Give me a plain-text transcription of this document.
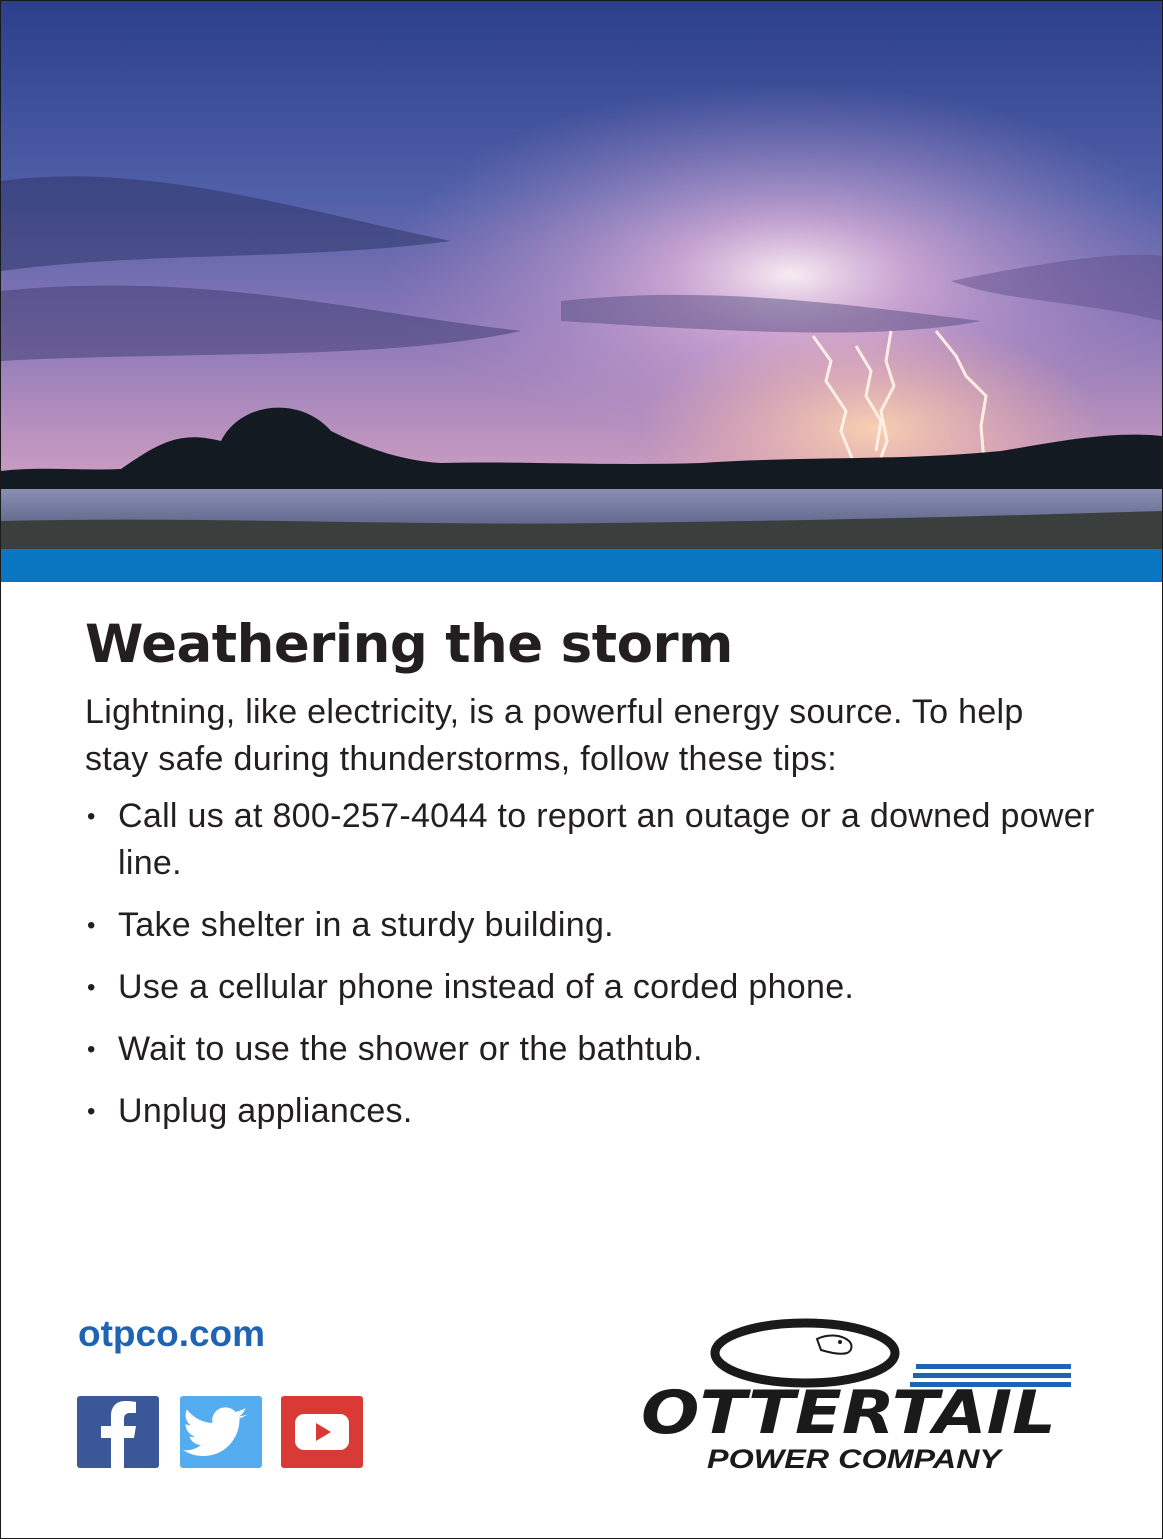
Weathering the storm

Lightning, like electricity, is a powerful energy source. To help stay safe during thunderstorms, follow these tips:

• Call us at 800-257-4044 to report an outage or a downed power line.
• Take shelter in a sturdy building.
• Use a cellular phone instead of a corded phone.
• Wait to use the shower or the bathtub.
• Unplug appliances.
otpco.com
OTTERTAIL
POWER COMPANY
